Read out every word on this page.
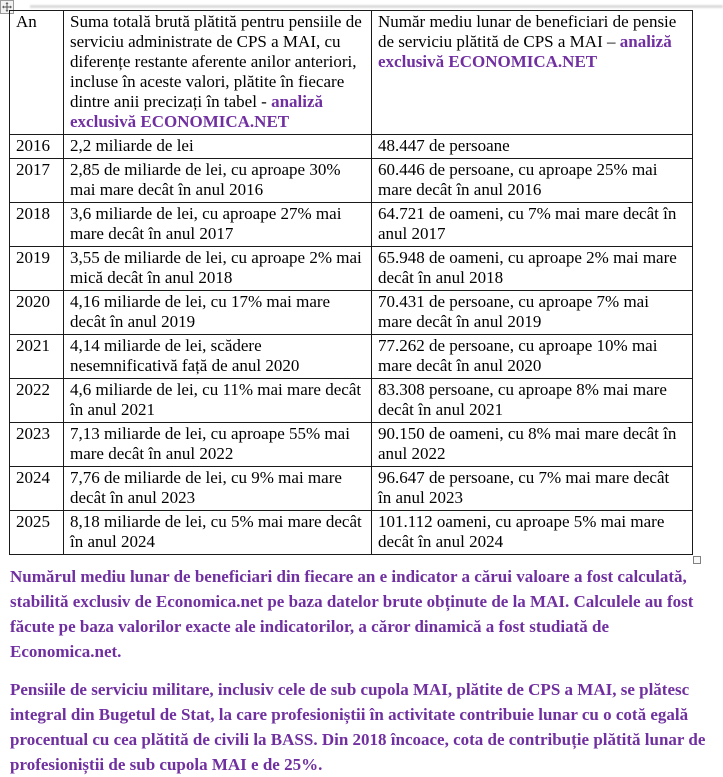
An	Suma totală brută plătită pentru pensiile de serviciu administrate de CPS a MAI, cu diferențe restante aferente anilor anteriori, incluse în aceste valori, plătite în fiecare dintre anii precizați în tabel - analiză exclusivă ECONOMICA.NET	Număr mediu lunar de beneficiari de pensie de serviciu plătită de CPS a MAI – analiză exclusivă ECONOMICA.NET
2016	2,2 miliarde de lei	48.447 de persoane
2017	2,85 de miliarde de lei, cu aproape 30% mai mare decât în anul 2016	60.446 de persoane, cu aproape 25% mai mare decât în anul 2016
2018	3,6 miliarde de lei, cu aproape 27% mai mare decât în anul 2017	64.721 de oameni, cu 7% mai mare decât în anul 2017
2019	3,55 de miliarde de lei, cu aproape 2% mai mică decât în anul 2018	65.948 de oameni, cu aproape 2% mai mare decât în anul 2018
2020	4,16 miliarde de lei, cu 17% mai mare decât în anul 2019	70.431 de persoane, cu aproape 7% mai mare decât în anul 2019
2021	4,14 miliarde de lei, scădere nesemnificativă față de anul 2020	77.262 de persoane, cu aproape 10% mai mare decât în anul 2020
2022	4,6 miliarde de lei, cu 11% mai mare decât în anul 2021	83.308 persoane, cu aproape 8% mai mare decât în anul 2021
2023	7,13 miliarde de lei, cu aproape 55% mai mare decât în anul 2022	90.150 de oameni, cu 8% mai mare decât în anul 2022
2024	7,76 de miliarde de lei, cu 9% mai mare decât în anul 2023	96.647 de persoane, cu 7% mai mare decât în anul 2023
2025	8,18 miliarde de lei, cu 5% mai mare decât în anul 2024	101.112 oameni, cu aproape 5% mai mare decât în anul 2024

Numărul mediu lunar de beneficiari din fiecare an e indicator a cărui valoare a fost calculată, stabilită exclusiv de Economica.net pe baza datelor brute obținute de la MAI. Calculele au fost făcute pe baza valorilor exacte ale indicatorilor, a căror dinamică a fost studiată de Economica.net.

Pensiile de serviciu militare, inclusiv cele de sub cupola MAI, plătite de CPS a MAI, se plătesc integral din Bugetul de Stat, la care profesioniștii în activitate contribuie lunar cu o cotă egală procentual cu cea plătită de civili la BASS. Din 2018 încoace, cota de contribuție plătită lunar de profesioniștii de sub cupola MAI e de 25%.
